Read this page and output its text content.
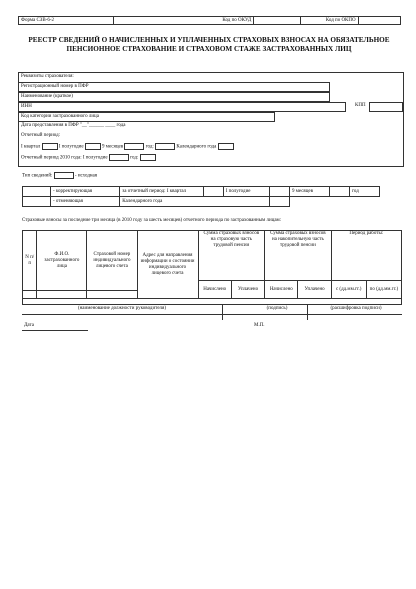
Форма СЗВ-6-2		Код по ОКУД		Код по ОКПО	
РЕЕСТР СВЕДЕНИЙ О НАЧИСЛЕННЫХ И УПЛАЧЕННЫХ СТРАХОВЫХ ВЗНОСАХ НА ОБЯЗАТЕЛЬНОЕ ПЕНСИОННОЕ СТРАХОВАНИЕ И СТРАХОВОМ СТАЖЕ ЗАСТРАХОВАННЫХ ЛИЦ
Реквизиты страхователя:
Регистрационный номер в ПФР
Наименование (краткое)
ИНН	КПП
Код категории застрахованного лица
Дата представления в ПФР "__"______ ____ года
Отчетный период:
I квартал	I полугодие	9 месяцев	год:	Календарного года
Отчетный период 2010 года: I полугодие	год:
Тип сведений:	- исходная
	- корректирующая	за отчетный период: I квартал		I полугодие		9 месяцев		год
	- отменяющая	Календарного года						
Страховые взносы за последние три месяца (в 2010 году за шесть месяцев) отчетного периода по застрахованным лицам:
N п/п	Ф.И.О. застрахованного лица	Страховой номер индивидуального лицевого счета	Адрес для направления информации о состоянии индивидуального лицевого счета	Сумма страховых взносов на страховую часть трудовой пенсии		Сумма страховых взносов на накопительную часть трудовой пенсии		Период работы:	
				Начислено	Уплачено	Начислено	Уплачено	с (дд.мм.гг.)	по (дд.мм.гг.)

(наименование должности руководителя)	(подпись)	(расшифровка подписи)
Дата	М.П.
